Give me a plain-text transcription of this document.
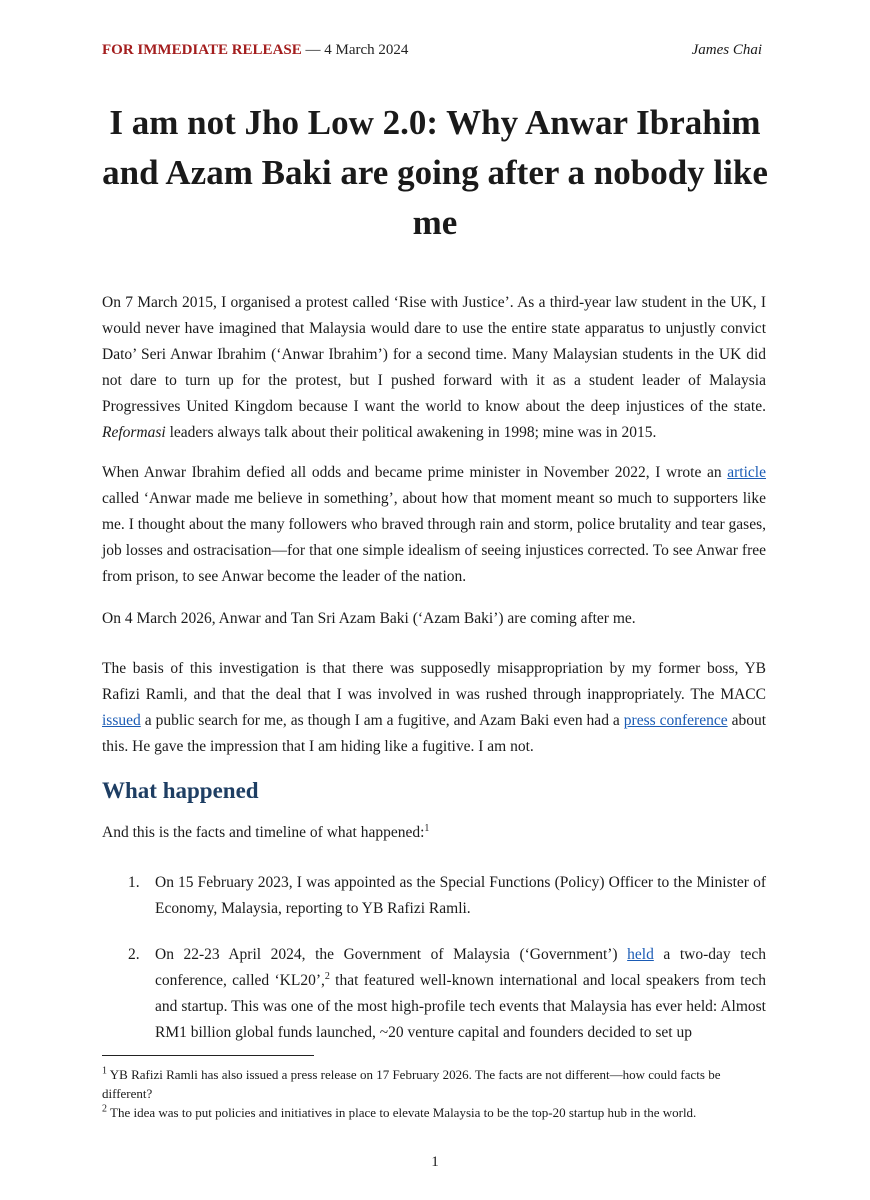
FOR IMMEDIATE RELEASE — 4 March 2024	James Chai
I am not Jho Low 2.0: Why Anwar Ibrahim and Azam Baki are going after a nobody like me

On 7 March 2015, I organised a protest called ‘Rise with Justice’. As a third-year law student in the UK, I would never have imagined that Malaysia would dare to use the entire state apparatus to unjustly convict Dato’ Seri Anwar Ibrahim (‘Anwar Ibrahim’) for a second time. Many Malaysian students in the UK did not dare to turn up for the protest, but I pushed forward with it as a student leader of Malaysia Progressives United Kingdom because I want the world to know about the deep injustices of the state. Reformasi leaders always talk about their political awakening in 1998; mine was in 2015.

When Anwar Ibrahim defied all odds and became prime minister in November 2022, I wrote an article called ‘Anwar made me believe in something’, about how that moment meant so much to supporters like me. I thought about the many followers who braved through rain and storm, police brutality and tear gases, job losses and ostracisation—for that one simple idealism of seeing injustices corrected. To see Anwar free from prison, to see Anwar become the leader of the nation.

On 4 March 2026, Anwar and Tan Sri Azam Baki (‘Azam Baki’) are coming after me.

The basis of this investigation is that there was supposedly misappropriation by my former boss, YB Rafizi Ramli, and that the deal that I was involved in was rushed through inappropriately. The MACC issued a public search for me, as though I am a fugitive, and Azam Baki even had a press conference about this. He gave the impression that I am hiding like a fugitive. I am not.

What happened

And this is the facts and timeline of what happened:$^1$

1. On 15 February 2023, I was appointed as the Special Functions (Policy) Officer to the Minister of Economy, Malaysia, reporting to YB Rafizi Ramli.
2. On 22-23 April 2024, the Government of Malaysia (‘Government’) held a two-day tech conference, called ‘KL20’,$^2$ that featured well-known international and local speakers from tech and startup. This was one of the most high-profile tech events that Malaysia has ever held: Almost RM1 billion global funds launched, ~20 venture capital and founders decided to set up
$^1$ YB Rafizi Ramli has also issued a press release on 17 February 2026. The facts are not different—how could facts be different?
$^2$ The idea was to put policies and initiatives in place to elevate Malaysia to be the top-20 startup hub in the world.
1
